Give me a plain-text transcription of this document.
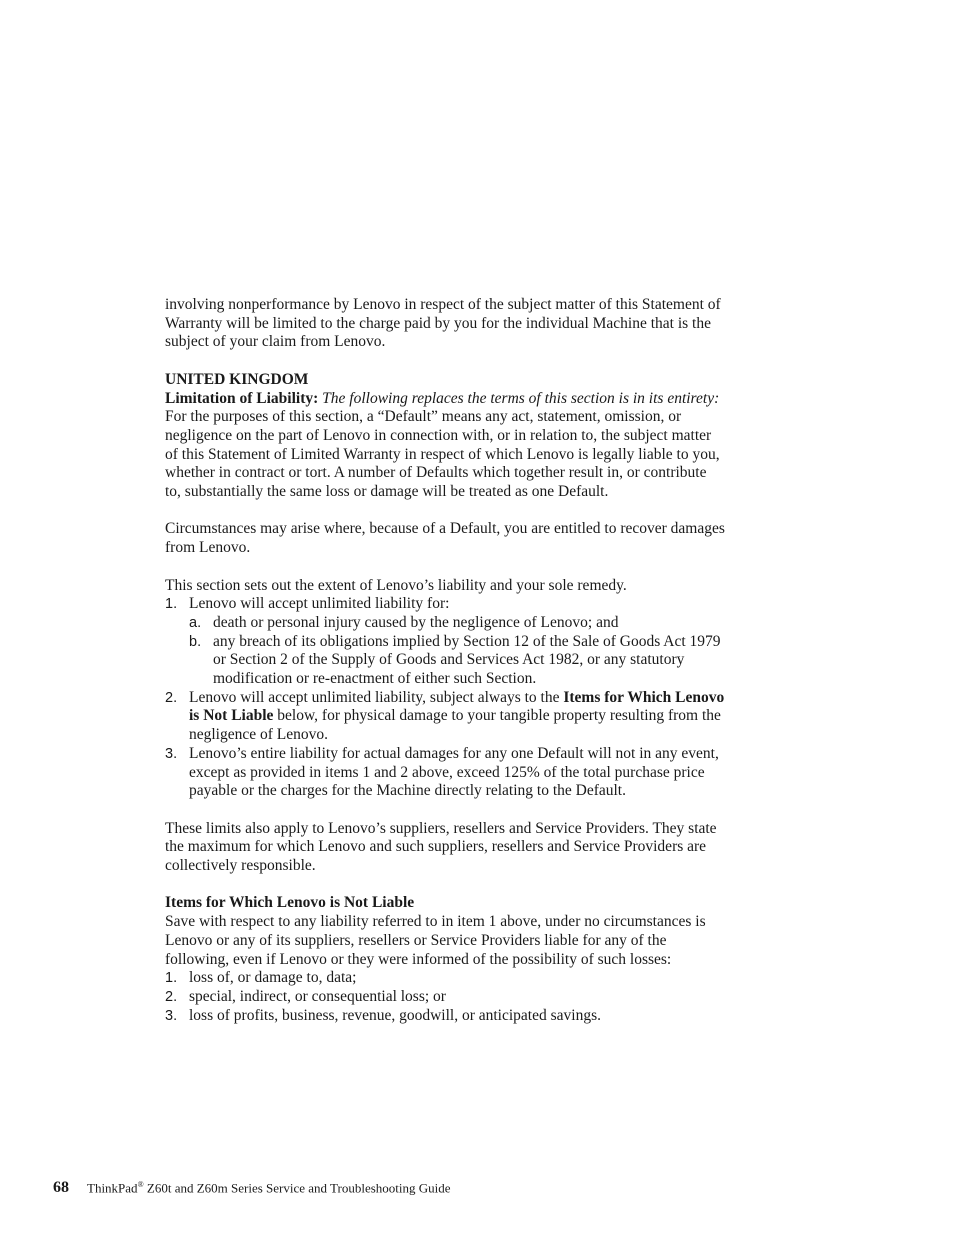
involving nonperformance by Lenovo in respect of the subject matter of this Statement of Warranty will be limited to the charge paid by you for the individual Machine that is the subject of your claim from Lenovo.

UNITED KINGDOM

Limitation of Liability: The following replaces the terms of this section is in its entirety:

For the purposes of this section, a “Default” means any act, statement, omission, or negligence on the part of Lenovo in connection with, or in relation to, the subject matter of this Statement of Limited Warranty in respect of which Lenovo is legally liable to you, whether in contract or tort. A number of Defaults which together result in, or contribute to, substantially the same loss or damage will be treated as one Default.

Circumstances may arise where, because of a Default, you are entitled to recover damages from Lenovo.

This section sets out the extent of Lenovo’s liability and your sole remedy.

1. Lenovo will accept unlimited liability for:
a. death or personal injury caused by the negligence of Lenovo; and
b. any breach of its obligations implied by Section 12 of the Sale of Goods Act 1979 or Section 2 of the Supply of Goods and Services Act 1982, or any statutory modification or re-enactment of either such Section.
2. Lenovo will accept unlimited liability, subject always to the Items for Which Lenovo is Not Liable below, for physical damage to your tangible property resulting from the negligence of Lenovo.
3. Lenovo’s entire liability for actual damages for any one Default will not in any event, except as provided in items 1 and 2 above, exceed 125% of the total purchase price payable or the charges for the Machine directly relating to the Default.

These limits also apply to Lenovo’s suppliers, resellers and Service Providers. They state the maximum for which Lenovo and such suppliers, resellers and Service Providers are collectively responsible.

Items for Which Lenovo is Not Liable

Save with respect to any liability referred to in item 1 above, under no circumstances is Lenovo or any of its suppliers, resellers or Service Providers liable for any of the following, even if Lenovo or they were informed of the possibility of such losses:

1. loss of, or damage to, data;
2. special, indirect, or consequential loss; or
3. loss of profits, business, revenue, goodwill, or anticipated savings.
68 ThinkPad® Z60t and Z60m Series Service and Troubleshooting Guide
